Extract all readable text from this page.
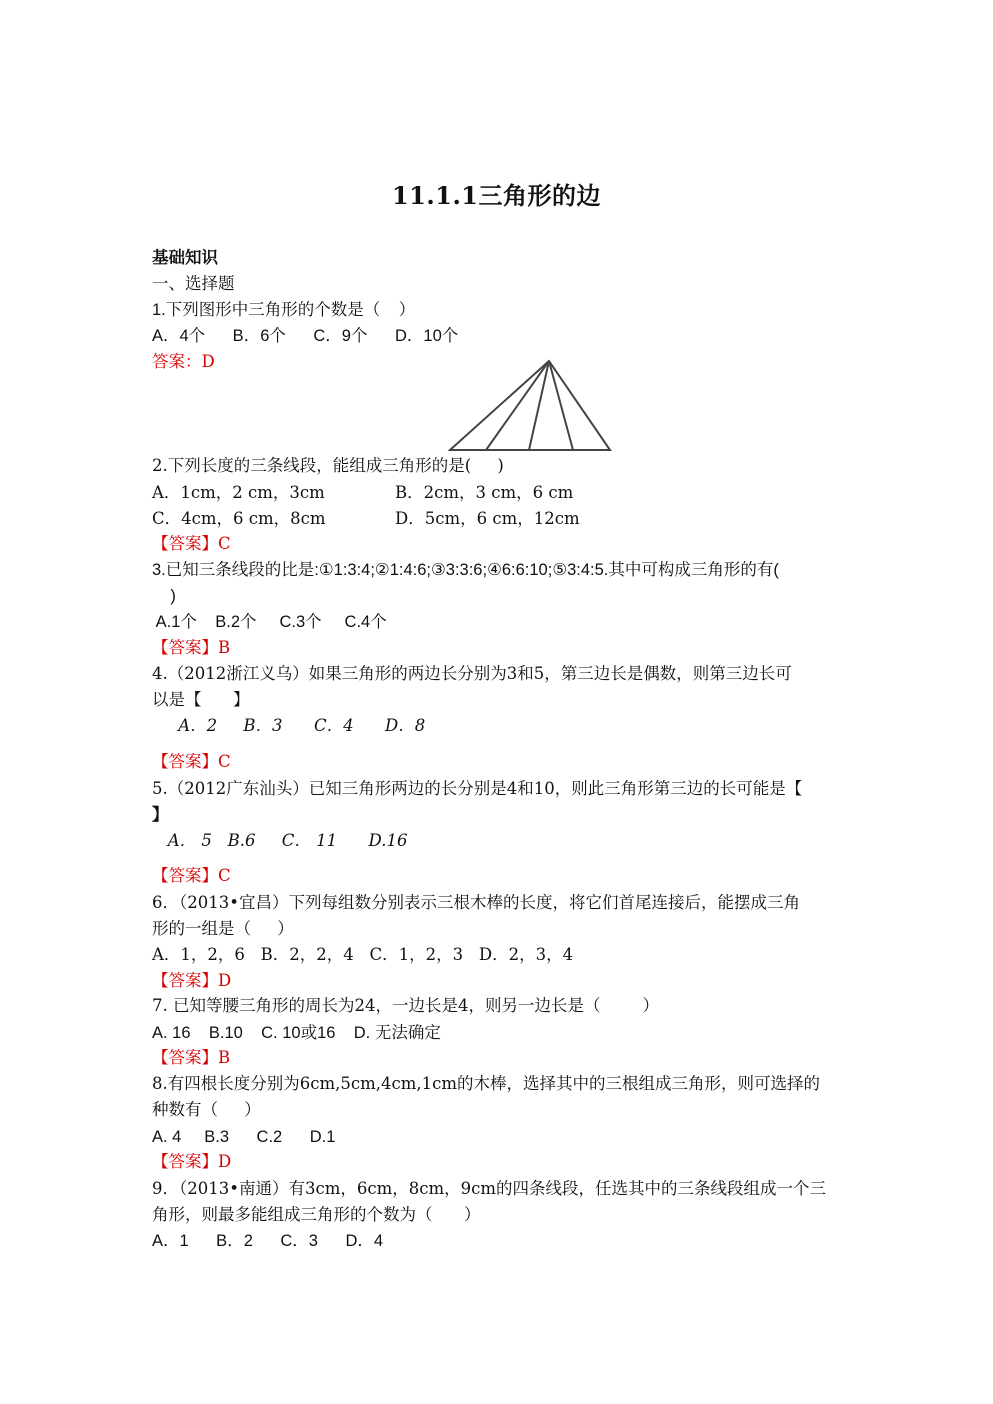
11.1.1三角形的边
基础知识
一、选择题
1.下列图形中三角形的个数是（    ）
A．4个      B．6个      C．9个      D．10个
答案：D
2.下列长度的三条线段，能组成三角形的是(     )
A．1cm，2 cm，3cm	B．2cm，3 cm，6 cm
C．4cm，6 cm，8cm	D．5cm，6 cm，12cm
【答案】C
3.已知三条线段的比是:①1:3:4;②1:4:6;③3:3:6;④6:6:10;⑤3:4:5.其中可构成三角形的有(
)
A.1个    B.2个     C.3个     C.4个
【答案】B
4.（2012浙江义乌）如果三角形的两边长分别为3和5，第三边长是偶数，则第三边长可
以是【      】
A．2     B．3      C．4      D．8
【答案】C
5.（2012广东汕头）已知三角形两边的长分别是4和10，则此三角形第三边的长可能是【
】
A． 5   B.6     C． 11      D.16
【答案】C
6．（2013•宜昌）下列每组数分别表示三根木棒的长度，将它们首尾连接后，能摆成三角
形的一组是（     ）
A．1，2，6   B．2，2，4   C．1，2，3   D．2，3，4
【答案】D
7. 已知等腰三角形的周长为24，一边长是4，则另一边长是（        ）
A. 16    B.10    C. 10或16    D. 无法确定
【答案】B
8.有四根长度分别为6cm,5cm,4cm,1cm的木棒，选择其中的三根组成三角形，则可选择的
种数有（     ）
A. 4     B.3      C.2      D.1
【答案】D
9．（2013•南通）有3cm，6cm，8cm，9cm的四条线段，任选其中的三条线段组成一个三
角形，则最多能组成三角形的个数为（      ）
A．1      B．2      C．3      D．4
